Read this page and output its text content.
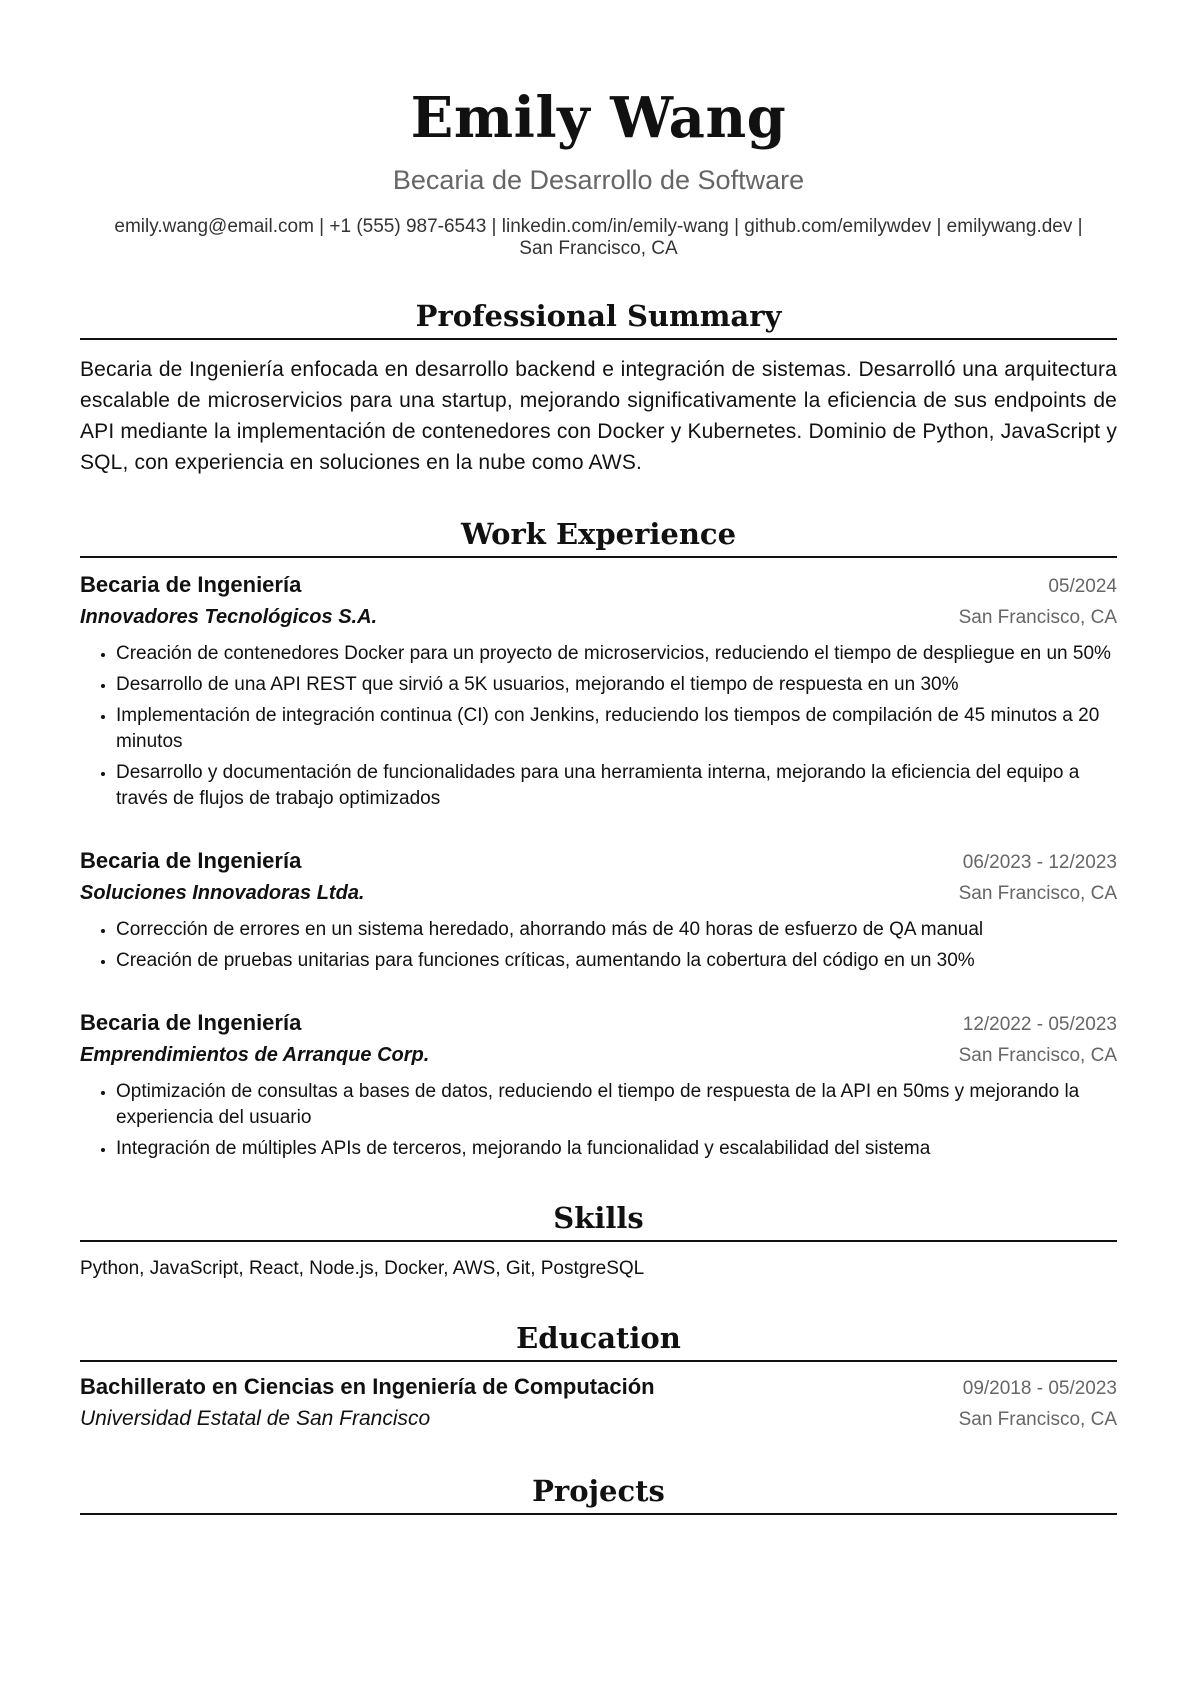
Emily Wang
Becaria de Desarrollo de Software
emily.wang@email.com | +1 (555) 987-6543 | linkedin.com/in/emily-wang | github.com/emilywdev | emilywang.dev |
San Francisco, CA
Professional Summary
Becaria de Ingeniería enfocada en desarrollo backend e integración de sistemas. Desarrolló una arquitectura escalable de microservicios para una startup, mejorando significativamente la eficiencia de sus endpoints de API mediante la implementación de contenedores con Docker y Kubernetes. Dominio de Python, JavaScript y SQL, con experiencia en soluciones en la nube como AWS.
Work Experience
Becaria de Ingeniería	05/2024
Innovadores Tecnológicos S.A.	San Francisco, CA
• Creación de contenedores Docker para un proyecto de microservicios, reduciendo el tiempo de despliegue en un 50%
• Desarrollo de una API REST que sirvió a 5K usuarios, mejorando el tiempo de respuesta en un 30%
• Implementación de integración continua (CI) con Jenkins, reduciendo los tiempos de compilación de 45 minutos a 20 minutos
• Desarrollo y documentación de funcionalidades para una herramienta interna, mejorando la eficiencia del equipo a través de flujos de trabajo optimizados
Becaria de Ingeniería	06/2023 - 12/2023
Soluciones Innovadoras Ltda.	San Francisco, CA
• Corrección de errores en un sistema heredado, ahorrando más de 40 horas de esfuerzo de QA manual
• Creación de pruebas unitarias para funciones críticas, aumentando la cobertura del código en un 30%
Becaria de Ingeniería	12/2022 - 05/2023
Emprendimientos de Arranque Corp.	San Francisco, CA
• Optimización de consultas a bases de datos, reduciendo el tiempo de respuesta de la API en 50ms y mejorando la experiencia del usuario
• Integración de múltiples APIs de terceros, mejorando la funcionalidad y escalabilidad del sistema
Skills
Python, JavaScript, React, Node.js, Docker, AWS, Git, PostgreSQL
Education
Bachillerato en Ciencias en Ingeniería de Computación	09/2018 - 05/2023
Universidad Estatal de San Francisco	San Francisco, CA
Projects
